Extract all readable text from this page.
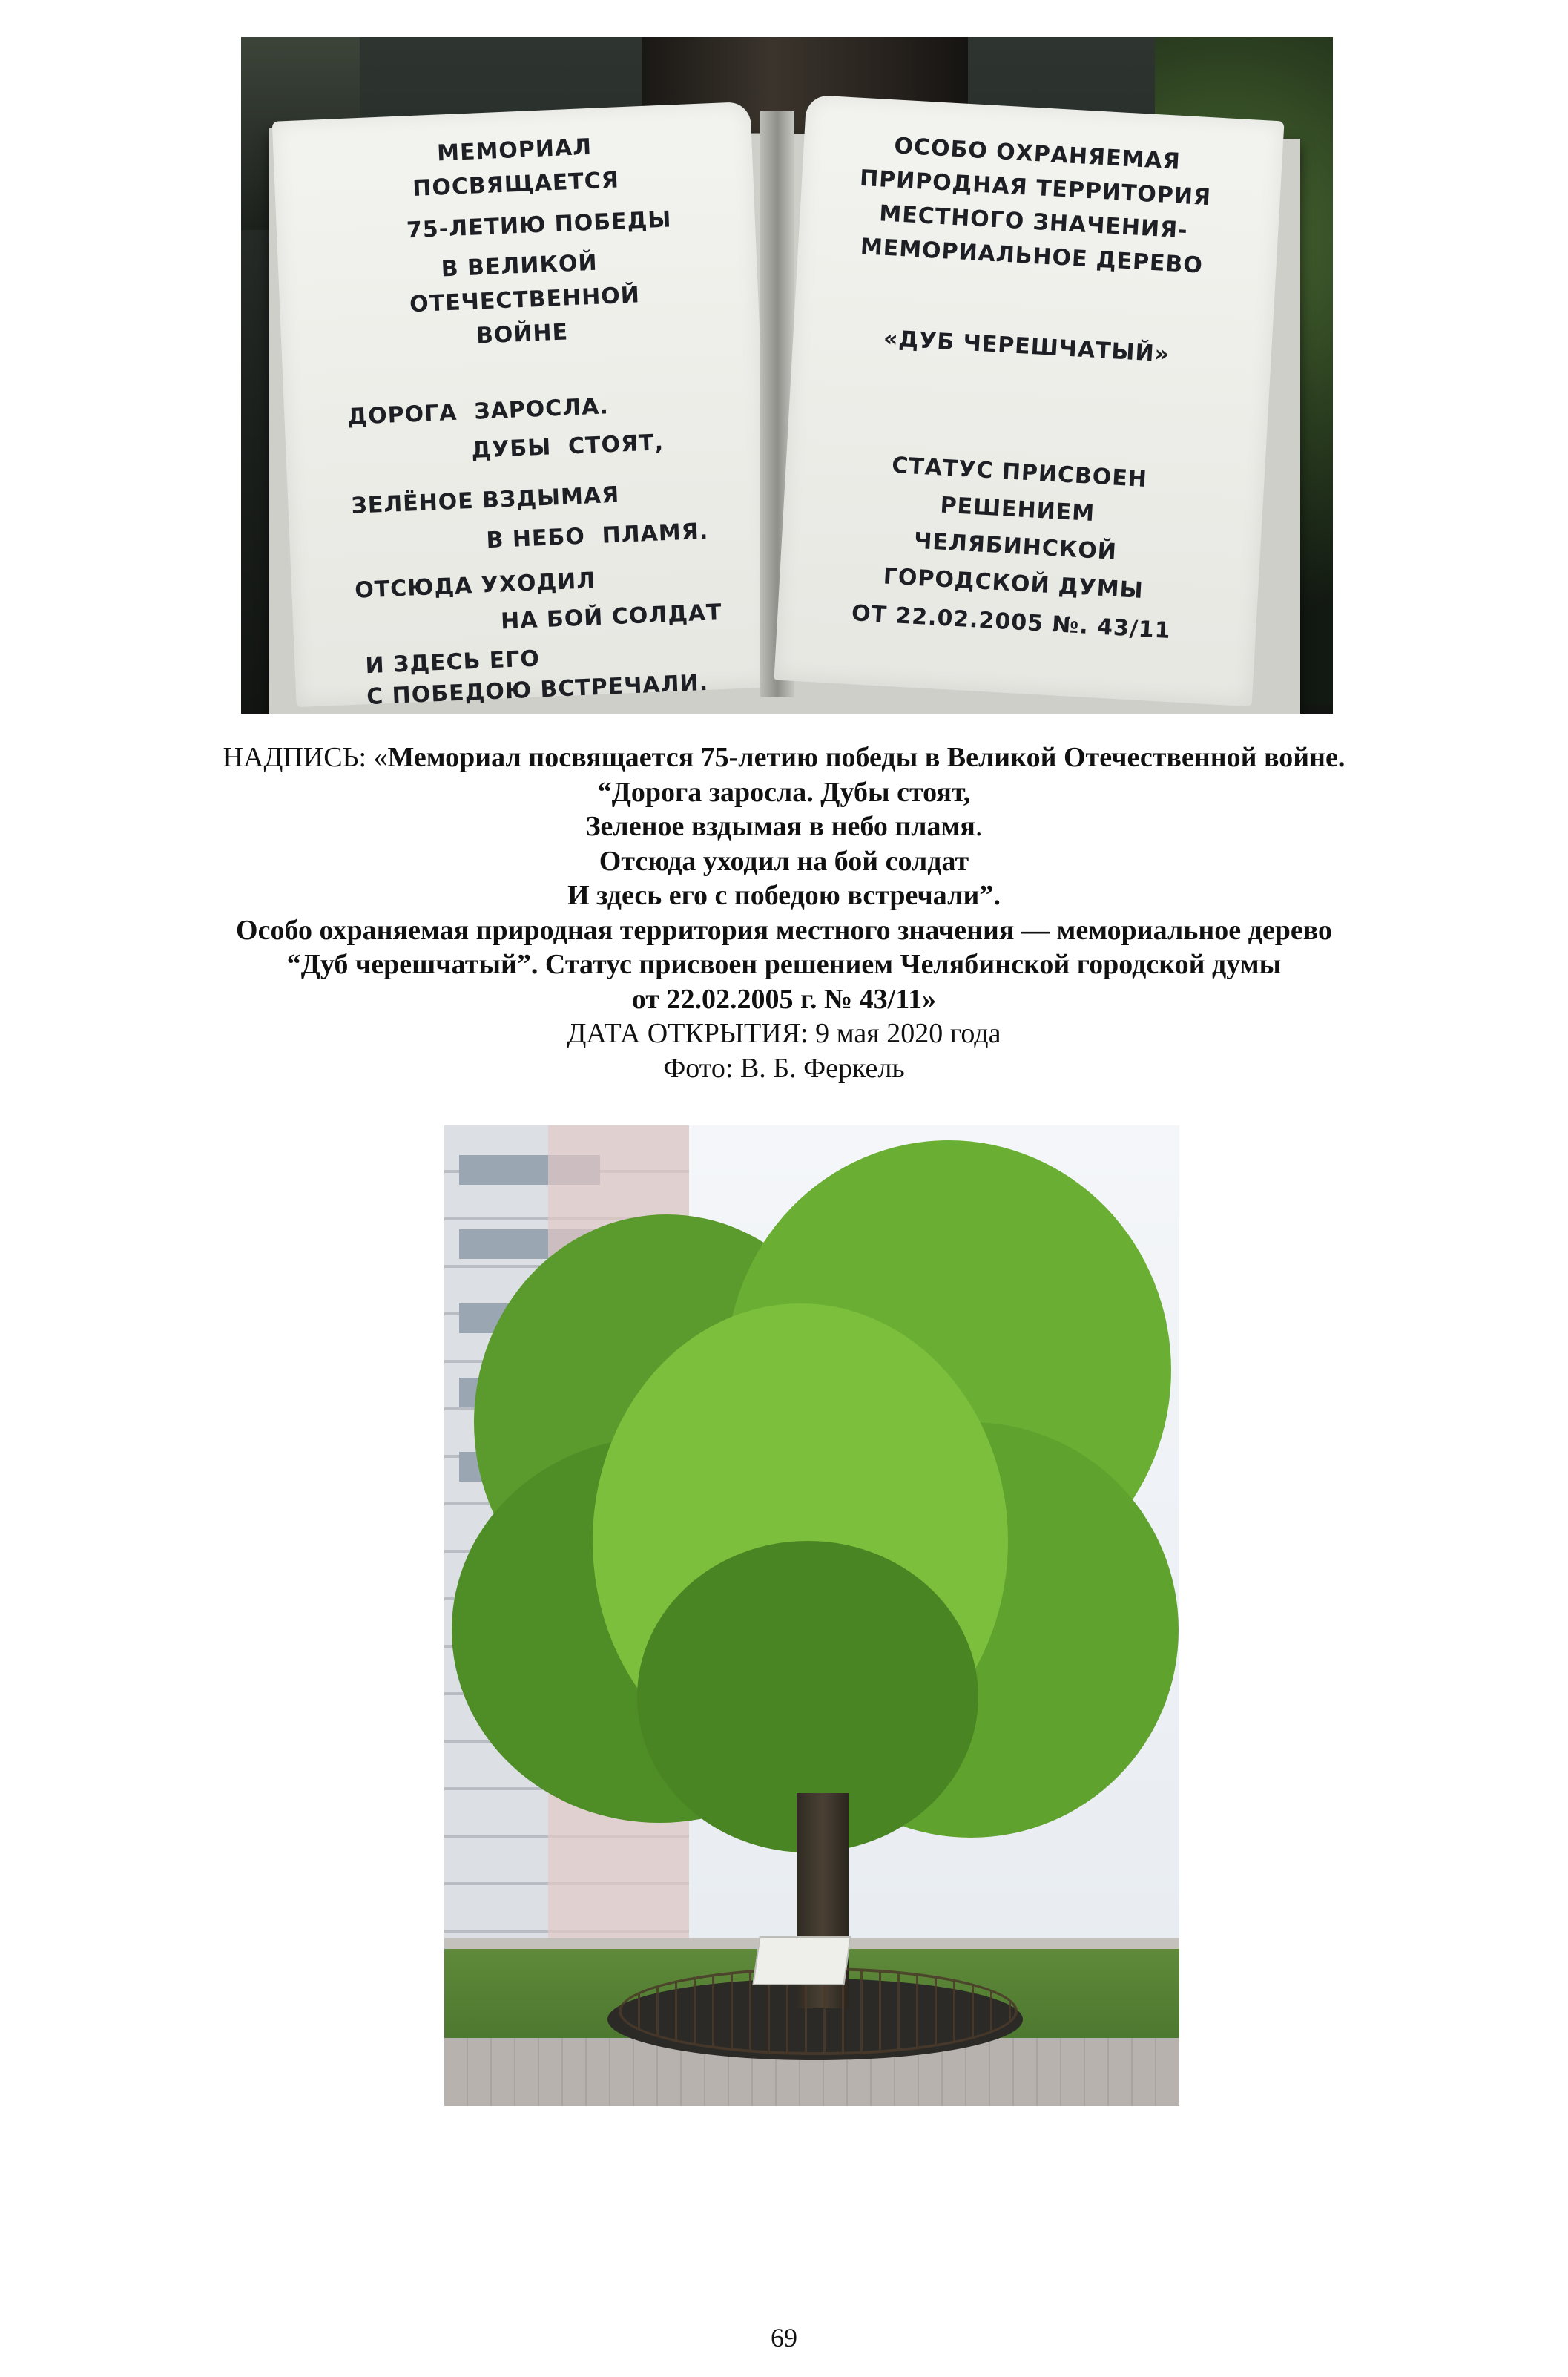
МЕМОРИАЛ
ПОСВЯЩАЕТСЯ
75-ЛЕТИЮ ПОБЕДЫ
В ВЕЛИКОЙ
ОТЕЧЕСТВЕННОЙ
ВОЙНЕ
ДОРОГА  ЗАРОСЛА.
ДУБЫ  СТОЯТ,
ЗЕЛЁНОЕ ВЗДЫМАЯ
В НЕБО  ПЛАМЯ.
ОТСЮДА УХОДИЛ
НА БОЙ СОЛДАТ
И ЗДЕСЬ ЕГО
С ПОБЕДОЮ ВСТРЕЧАЛИ.
ОСОБО ОХРАНЯЕМАЯ
ПРИРОДНАЯ ТЕРРИТОРИЯ
МЕСТНОГО ЗНАЧЕНИЯ-
МЕМОРИАЛЬНОЕ ДЕРЕВО
«ДУБ ЧЕРЕШЧАТЫЙ»
СТАТУС ПРИСВОЕН
РЕШЕНИЕМ
ЧЕЛЯБИНСКОЙ
ГОРОДСКОЙ ДУМЫ
ОТ 22.02.2005 №. 43/11
НАДПИСЬ: «Мемориал посвящается 75-летию победы в Великой Отечественной войне.
“Дорога заросла. Дубы стоят,
Зеленое вздымая в небо пламя.
Отсюда уходил на бой солдат
И здесь его с победою встречали”.
Особо охраняемая природная территория местного значения — мемориальное дерево
“Дуб черешчатый”. Статус присвоен решением Челябинской городской думы
от 22.02.2005 г. № 43/11»
ДАТА ОТКРЫТИЯ: 9 мая 2020 года
Фото: В. Б. Феркель
69
